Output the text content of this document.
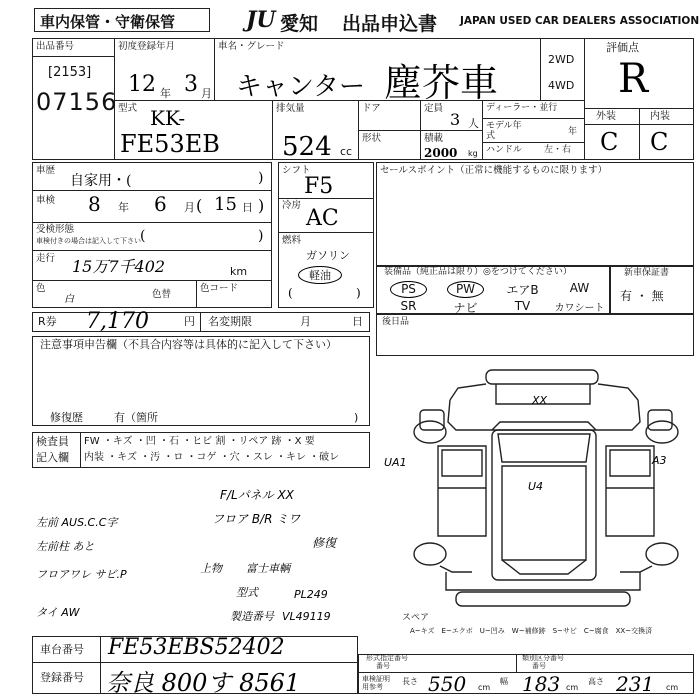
車内保管・守衛保管	JU 愛知 出品申込書 JAPAN USED CAR DEALERS ASSOCIATION
出品番号
[2153]
07156
初度登録年月
12 年 3 月
車名・グレード
キャンター 塵芥車
2WD
4WD
評価点
R
型式 KK-
FE53EB
排気量
524 cc
ドア
形状
定員
3 人
積載
2000 kg
ディーラー・並行
モデル年式	年
ハンドル 左・右
外装	内装
C C
車歴
自家用・(	)
車検 8 年 6 月 ( 15 日 )
受検形態
車検付きの場合は記入して下さい (	)
走行 15万7千402	km
色
白	色替
色コード
シフト
F5
冷房
AC
燃料
ガソリン
軽油
(	)
セールスポイント（正常に機能するものに限ります）
装備品（純正品は限り）◎をつけてください）
PS	PW	エアB	AW
SR	ナビ	TV	カワシート
新車保証書
有 ・ 無
R券 7,170	円 名変期限	月	日 後日品
注意事項申告欄（不具合内容等は具体的に記入して下さい）
修復歴	有（箇所	)
検査員
記入欄
FW ・キズ ・凹 ・石 ・ヒビ 割 ・リペア 跡 ・X 要
内装 ・キズ ・汚 ・ロ ・コゲ ・穴 ・スレ ・キレ ・破レ
F/Lパネル XX
フロア B/R ミワ
修復
左前 AUS.C.C字
左前柱 あと
フロアワレ サビ.P
タイ AW
上物 富士車輌
型式	PL249
製造番号 VL49119
XX
UA1	A3
U4
スペア
A~キズ　E~エクボ　U~凹み　W~補修跡　S~サビ　C~腐食　XX~交換済
車台番号 FE53EBS52402
登録番号 奈良 800す 8561
形式指定番号
番号
類別区分番号
番号
車検証明用参考
長さ 550 cm
幅 183 cm
高さ 231 cm
